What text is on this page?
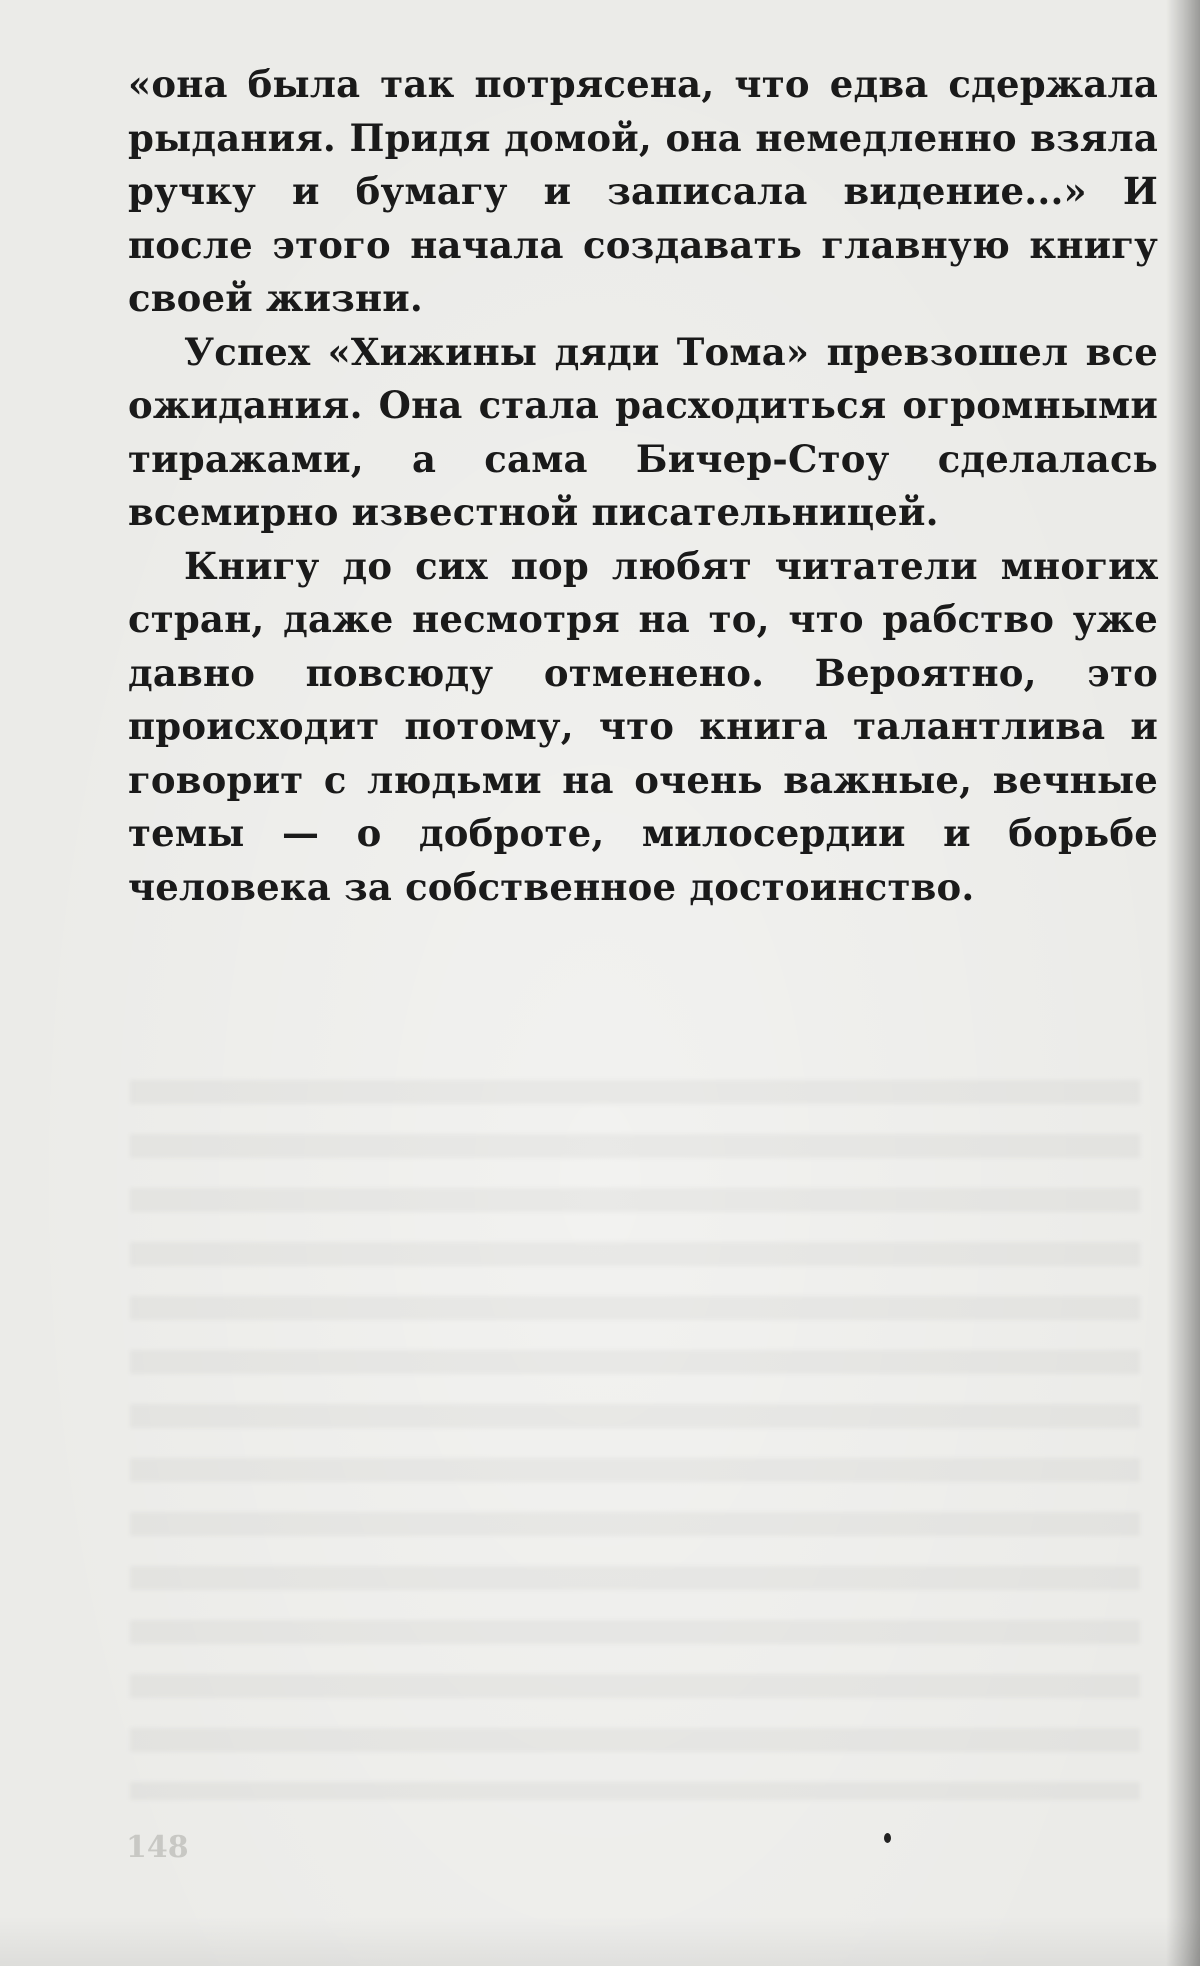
«она была так потрясена, что едва сдержала рыдания. Придя домой, она немедленно взяла ручку и бумагу и записала видение...» И после этого начала создавать главную книгу своей жизни.

Успех «Хижины дяди Тома» превзошел все ожидания. Она стала расходиться огромными тиражами, а сама Бичер-Стоу сделалась всемирно известной писательницей.

Книгу до сих пор любят читатели многих стран, даже несмотря на то, что рабство уже давно повсюду отменено. Вероятно, это происходит потому, что книга талантлива и говорит с людьми на очень важные, вечные темы — о доброте, милосердии и борьбе человека за собственное достоинство.

148
